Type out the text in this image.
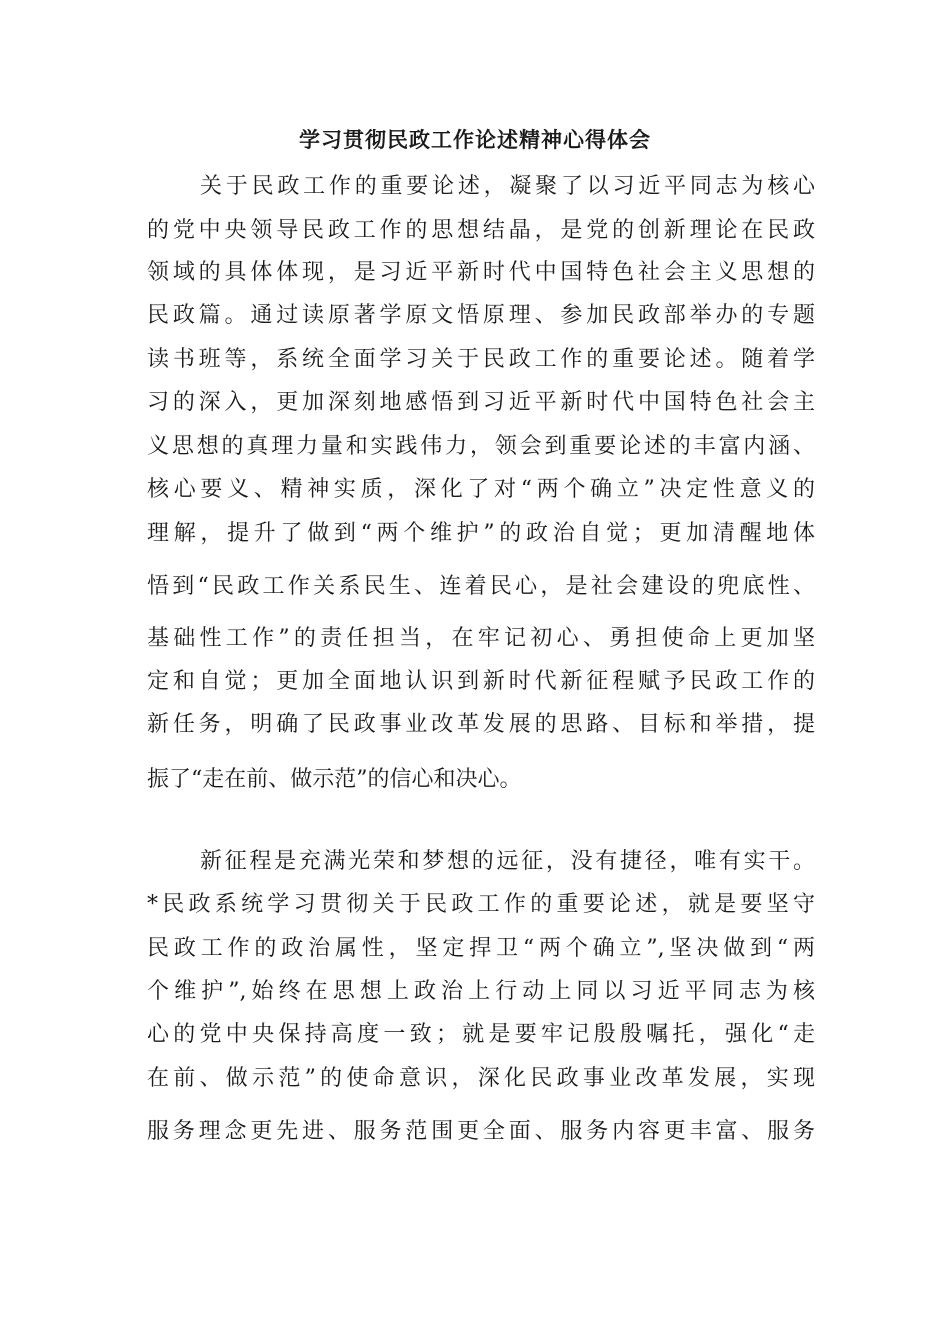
学习贯彻民政工作论述精神心得体会

关于民政工作的重要论述，凝聚了以习近平同志为核心

的党中央领导民政工作的思想结晶，是党的创新理论在民政

领域的具体体现，是习近平新时代中国特色社会主义思想的

民政篇。通过读原著学原文悟原理、参加民政部举办的专题

读书班等，系统全面学习关于民政工作的重要论述。随着学

习的深入，更加深刻地感悟到习近平新时代中国特色社会主

义思想的真理力量和实践伟力，领会到重要论述的丰富内涵、

核心要义、精神实质，深化了对“两个确立”决定性意义的

理解，提升了做到“两个维护”的政治自觉；更加清醒地体

悟到“民政工作关系民生、连着民心，是社会建设的兜底性、

基础性工作”的责任担当，在牢记初心、勇担使命上更加坚

定和自觉；更加全面地认识到新时代新征程赋予民政工作的

新任务，明确了民政事业改革发展的思路、目标和举措，提

振了“走在前、做示范”的信心和决心。

新征程是充满光荣和梦想的远征，没有捷径，唯有实干。

*民政系统学习贯彻关于民政工作的重要论述，就是要坚守

民政工作的政治属性，坚定捍卫“两个确立”,坚决做到“两

个维护”,始终在思想上政治上行动上同以习近平同志为核

心的党中央保持高度一致；就是要牢记殷殷嘱托，强化“走

在前、做示范”的使命意识，深化民政事业改革发展，实现

服务理念更先进、服务范围更全面、服务内容更丰富、服务
